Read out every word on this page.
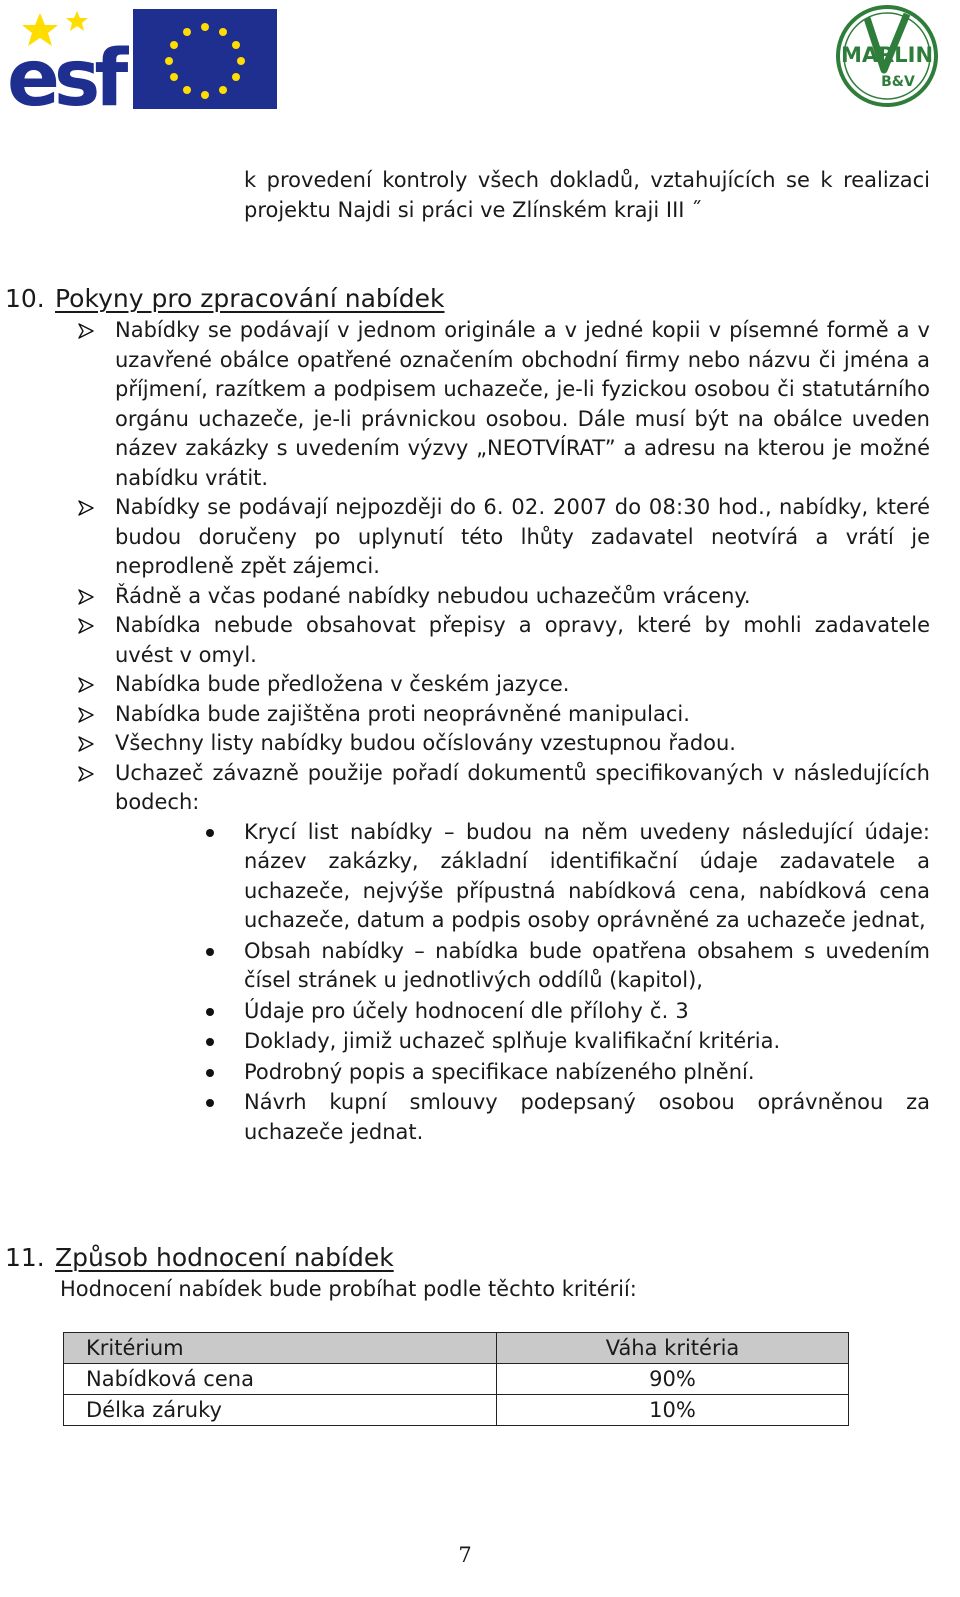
esf	MARLIN
B&V
k provedení kontroly všech dokladů, vztahujících se k realizaci projektu Najdi si práci ve Zlínském kraji III ˝
10. Pokyny pro zpracování nabídek
Nabídky se podávají v jednom originále a v jedné kopii v písemné formě a v uzavřené obálce opatřené označením obchodní firmy nebo názvu či jména a příjmení, razítkem a podpisem uchazeče, je-li fyzickou osobou či statutárního orgánu uchazeče, je-li právnickou osobou. Dále musí být na obálce uveden název zakázky s uvedením výzvy „NEOTVÍRAT” a adresu na kterou je možné nabídku vrátit.
Nabídky se podávají nejpozději do 6. 02. 2007 do 08:30 hod., nabídky, které budou doručeny po uplynutí této lhůty zadavatel neotvírá a vrátí je neprodleně zpět zájemci.
Řádně a včas podané nabídky nebudou uchazečům vráceny.
Nabídka nebude obsahovat přepisy a opravy, které by mohli zadavatele uvést v omyl.
Nabídka bude předložena v českém jazyce.
Nabídka bude zajištěna proti neoprávněné manipulaci.
Všechny listy nabídky budou očíslovány vzestupnou řadou.
Uchazeč závazně použije pořadí dokumentů specifikovaných v následujících bodech:
Krycí list nabídky – budou na něm uvedeny následující údaje: název zakázky, základní identifikační údaje zadavatele a uchazeče, nejvýše přípustná nabídková cena, nabídková cena uchazeče, datum a podpis osoby oprávněné za uchazeče jednat,
Obsah nabídky – nabídka bude opatřena obsahem s uvedením čísel stránek u jednotlivých oddílů (kapitol),
Údaje pro účely hodnocení dle přílohy č. 3
Doklady, jimiž uchazeč splňuje kvalifikační kritéria.
Podrobný popis a specifikace nabízeného plnění.
Návrh kupní smlouvy podepsaný osobou oprávněnou za uchazeče jednat.
11. Způsob hodnocení nabídek
Hodnocení nabídek bude probíhat podle těchto kritérií:
Kritérium	Váha kritéria
Nabídková cena	90%
Délka záruky	10%
7
